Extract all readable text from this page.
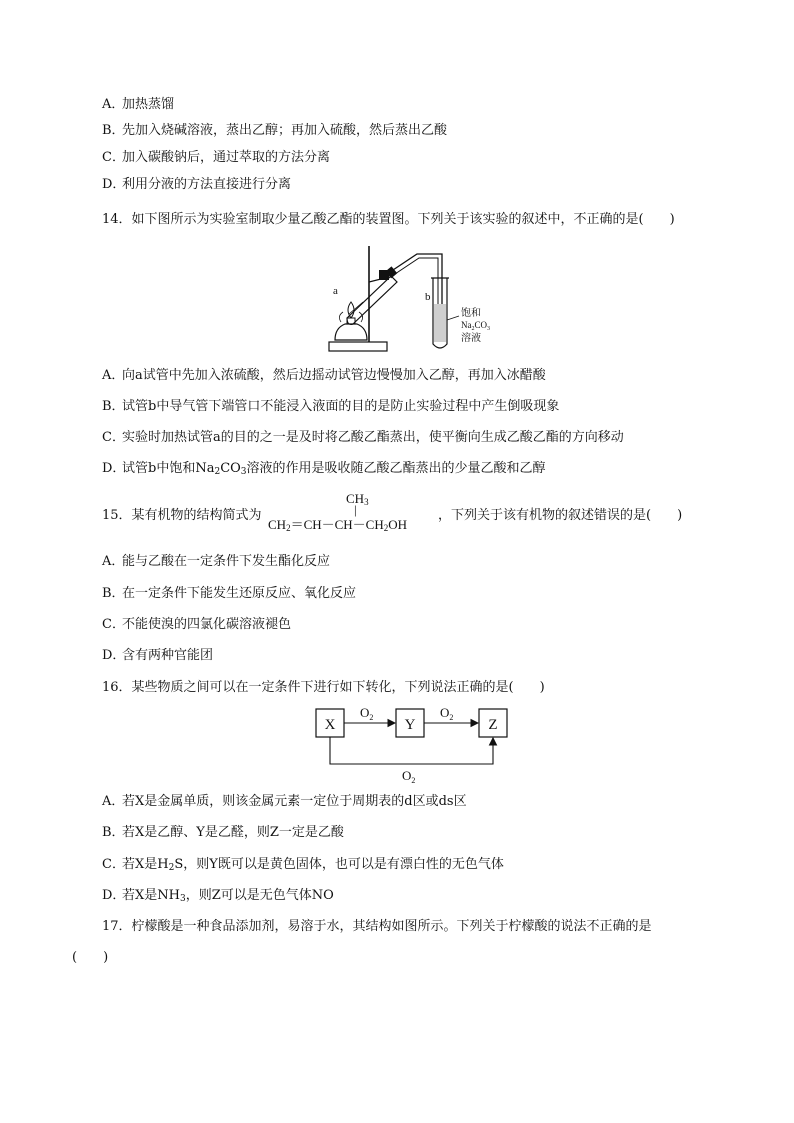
A．加热蒸馏
B．先加入烧碱溶液，蒸出乙醇；再加入硫酸，然后蒸出乙酸
C．加入碳酸钠后，通过萃取的方法分离
D．利用分液的方法直接进行分离
14．如下图所示为实验室制取少量乙酸乙酯的装置图。下列关于该实验的叙述中，不正确的是(　　)
a	b
饱和
$Na_2CO_3$
溶液
A．向a试管中先加入浓硫酸，然后边摇动试管边慢慢加入乙醇，再加入冰醋酸
B．试管b中导气管下端管口不能浸入液面的目的是防止实验过程中产生倒吸现象
C．实验时加热试管a的目的之一是及时将乙酸乙酯蒸出，使平衡向生成乙酸乙酯的方向移动
D．试管b中饱和$Na_2CO_3$溶液的作用是吸收随乙酸乙酯蒸出的少量乙酸和乙醇
15．某有机物的结构简式为
$CH_3$
|
$CH_2=CH-CH-CH_2OH$
，下列关于该有机物的叙述错误的是(　　)
A．能与乙酸在一定条件下发生酯化反应
B．在一定条件下能发生还原反应、氧化反应
C．不能使溴的四氯化碳溶液褪色
D．含有两种官能团
16．某些物质之间可以在一定条件下进行如下转化，下列说法正确的是(　　)
X	Y	Z
$O_2$	$O_2$
$O_2$
A．若X是金属单质，则该金属元素一定位于周期表的d区或ds区
B．若X是乙醇、Y是乙醛，则Z一定是乙酸
C．若X是$H_2S$，则Y既可以是黄色固体，也可以是有漂白性的无色气体
D．若X是$NH_3$，则Z可以是无色气体NO
17．柠檬酸是一种食品添加剂，易溶于水，其结构如图所示。下列关于柠檬酸的说法不正确的是
(　　)
